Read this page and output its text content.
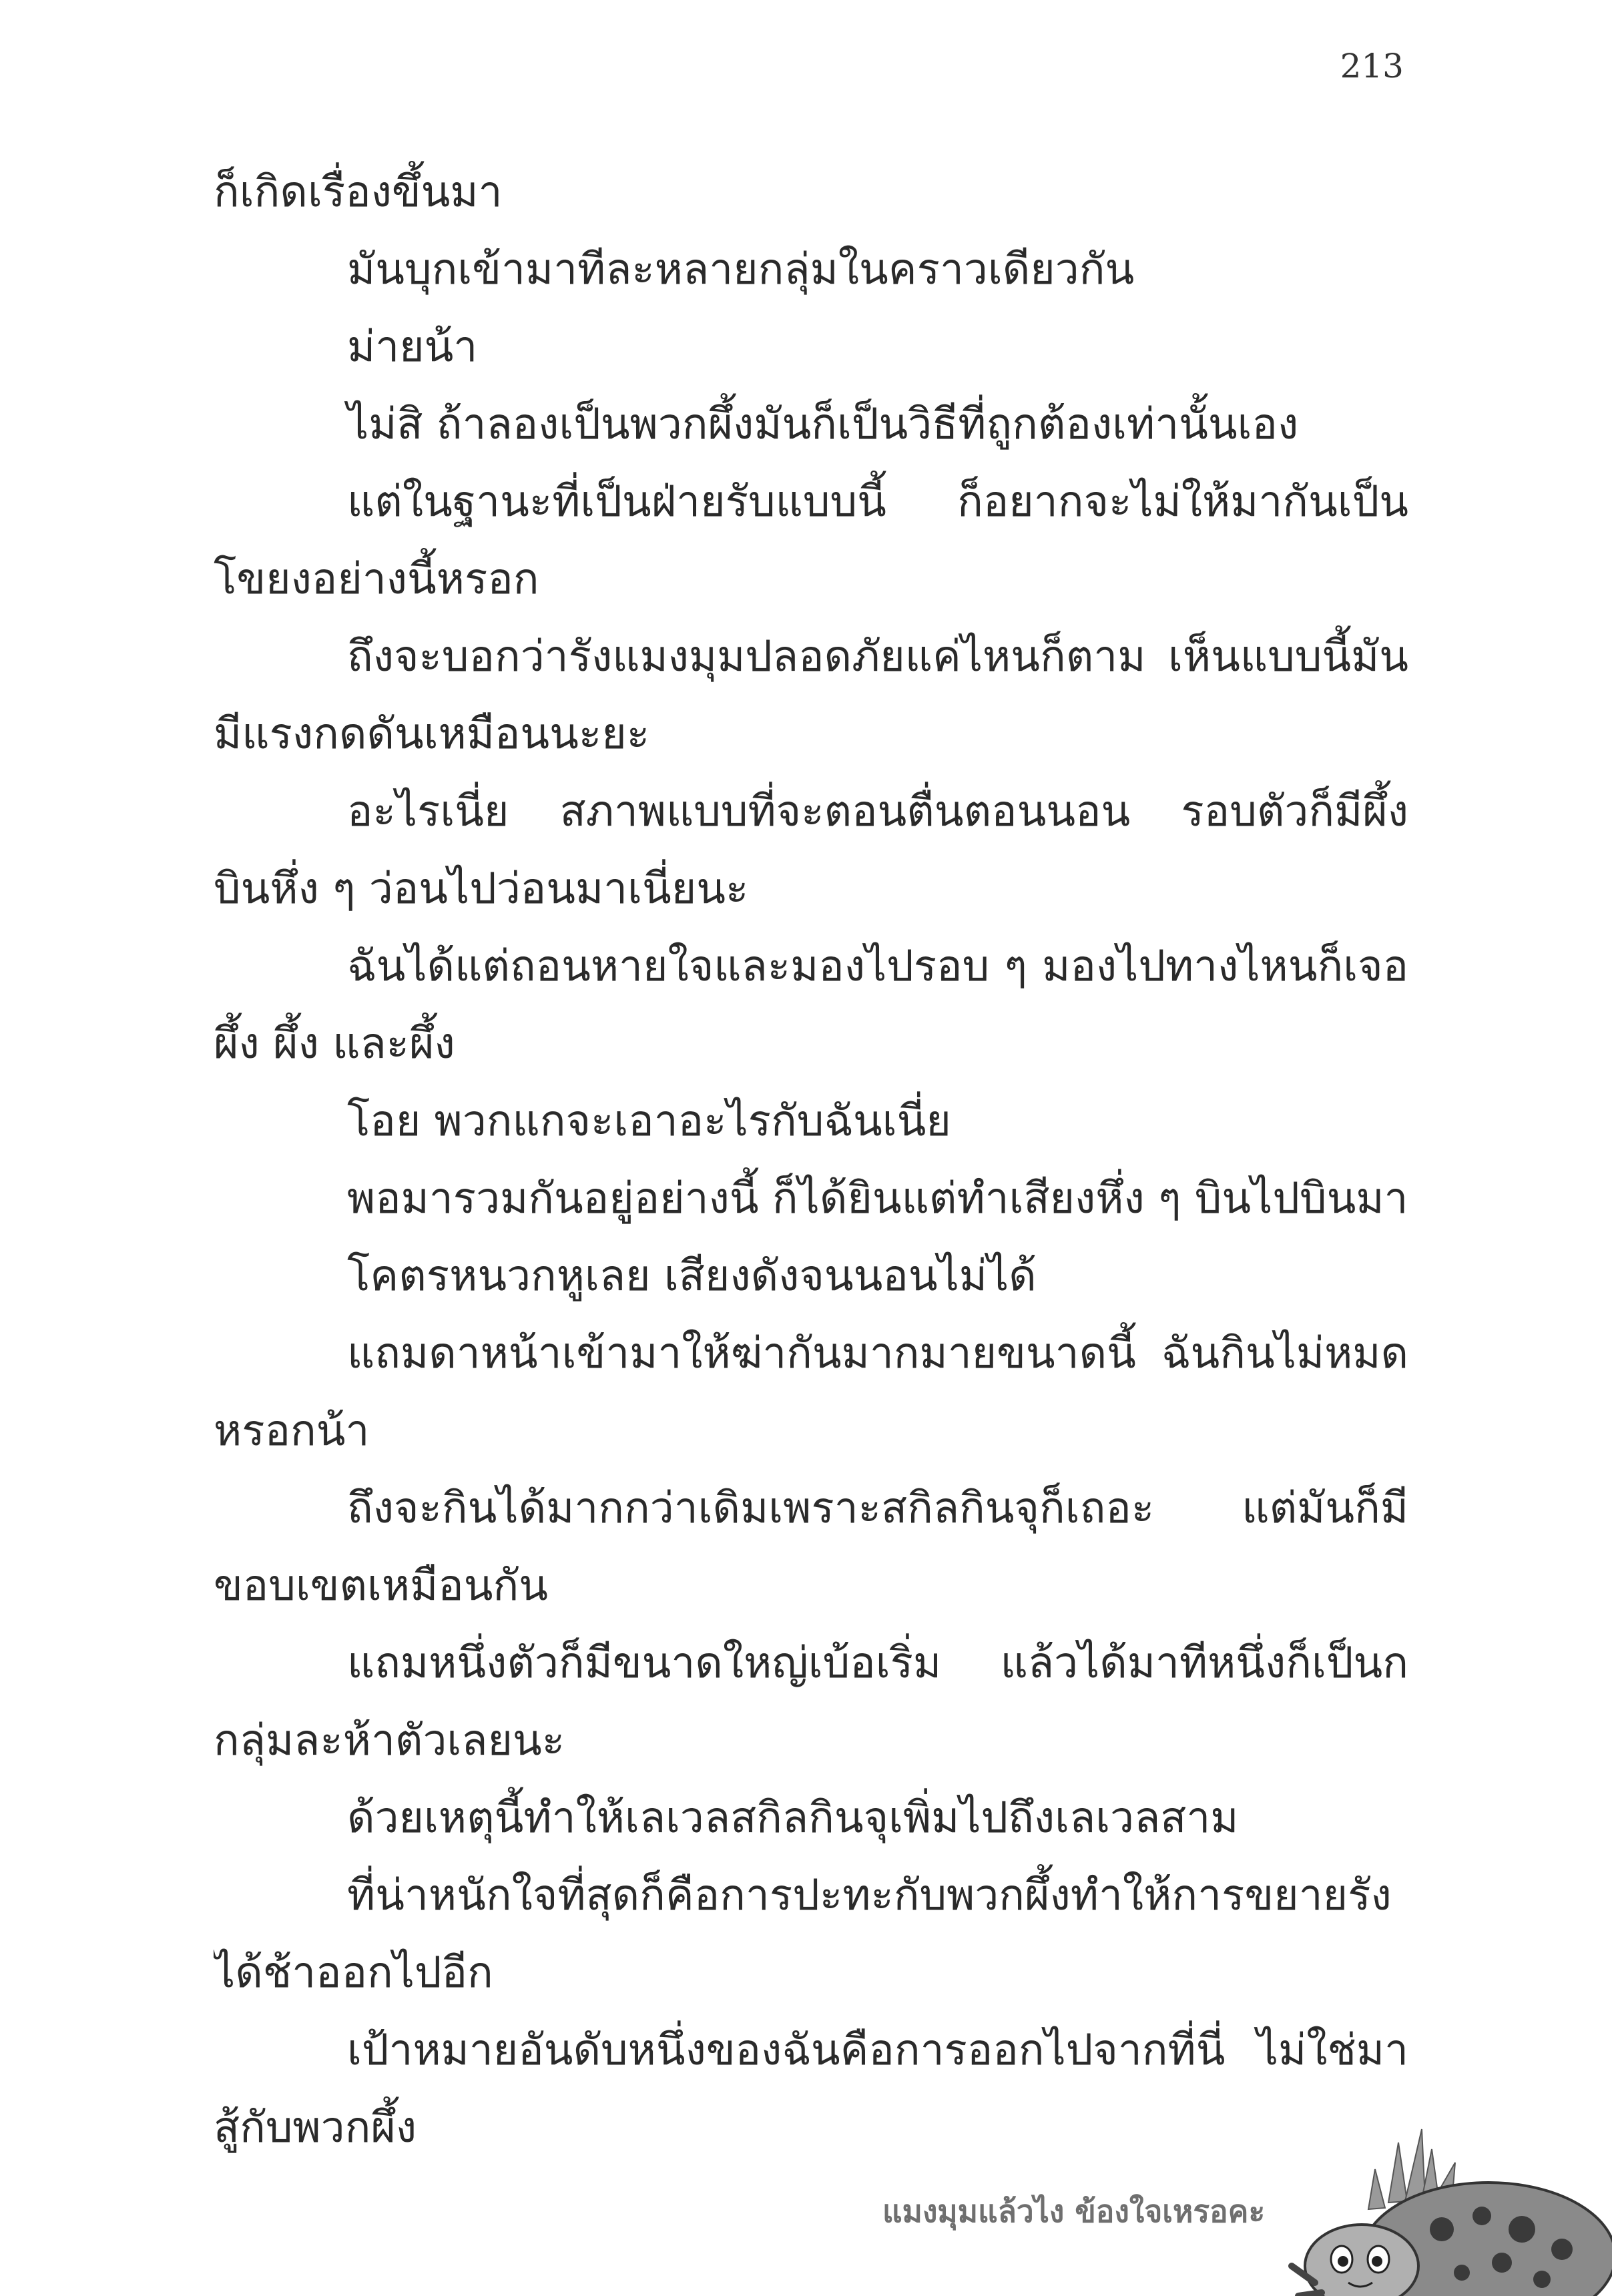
213
ก็เกิดเรื่องขึ้นมา
มันบุกเข้ามาทีละหลายกลุ่มในคราวเดียวกัน
ม่ายน้า
ไม่สิ ถ้าลองเป็นพวกผึ้งมันก็เป็นวิธีที่ถูกต้องเท่านั้นเอง
แต่ในฐานะที่เป็นฝ่ายรับแบบนี้ ก็อยากจะไม่ให้มากันเป็น
โขยงอย่างนี้หรอก
ถึงจะบอกว่ารังแมงมุมปลอดภัยแค่ไหนก็ตาม เห็นแบบนี้มัน
มีแรงกดดันเหมือนนะยะ
อะไรเนี่ย สภาพแบบที่จะตอนตื่นตอนนอน รอบตัวก็มีผึ้ง
บินหึ่ง ๆ ว่อนไปว่อนมาเนี่ยนะ
ฉันได้แต่ถอนหายใจและมองไปรอบ ๆ มองไปทางไหนก็เจอ
ผึ้ง ผึ้ง และผึ้ง
โอย พวกแกจะเอาอะไรกับฉันเนี่ย
พอมารวมกันอยู่อย่างนี้ ก็ได้ยินแต่ทำเสียงหึ่ง ๆ บินไปบินมา
โคตรหนวกหูเลย เสียงดังจนนอนไม่ได้
แถมดาหน้าเข้ามาให้ฆ่ากันมากมายขนาดนี้ ฉันกินไม่หมด
หรอกน้า
ถึงจะกินได้มากกว่าเดิมเพราะสกิลกินจุก็เถอะ แต่มันก็มี
ขอบเขตเหมือนกัน
แถมหนึ่งตัวก็มีขนาดใหญ่เบ้อเริ่ม แล้วได้มาทีหนึ่งก็เป็นก
กลุ่มละห้าตัวเลยนะ
ด้วยเหตุนี้ทำให้เลเวลสกิลกินจุเพิ่มไปถึงเลเวลสาม
ที่น่าหนักใจที่สุดก็คือการปะทะกับพวกผึ้งทำให้การขยายรัง
ได้ช้าออกไปอีก
เป้าหมายอันดับหนึ่งของฉันคือการออกไปจากที่นี่ ไม่ใช่มา
สู้กับพวกผึ้ง
แมงมุมแล้วไง ข้องใจเหรอคะ
